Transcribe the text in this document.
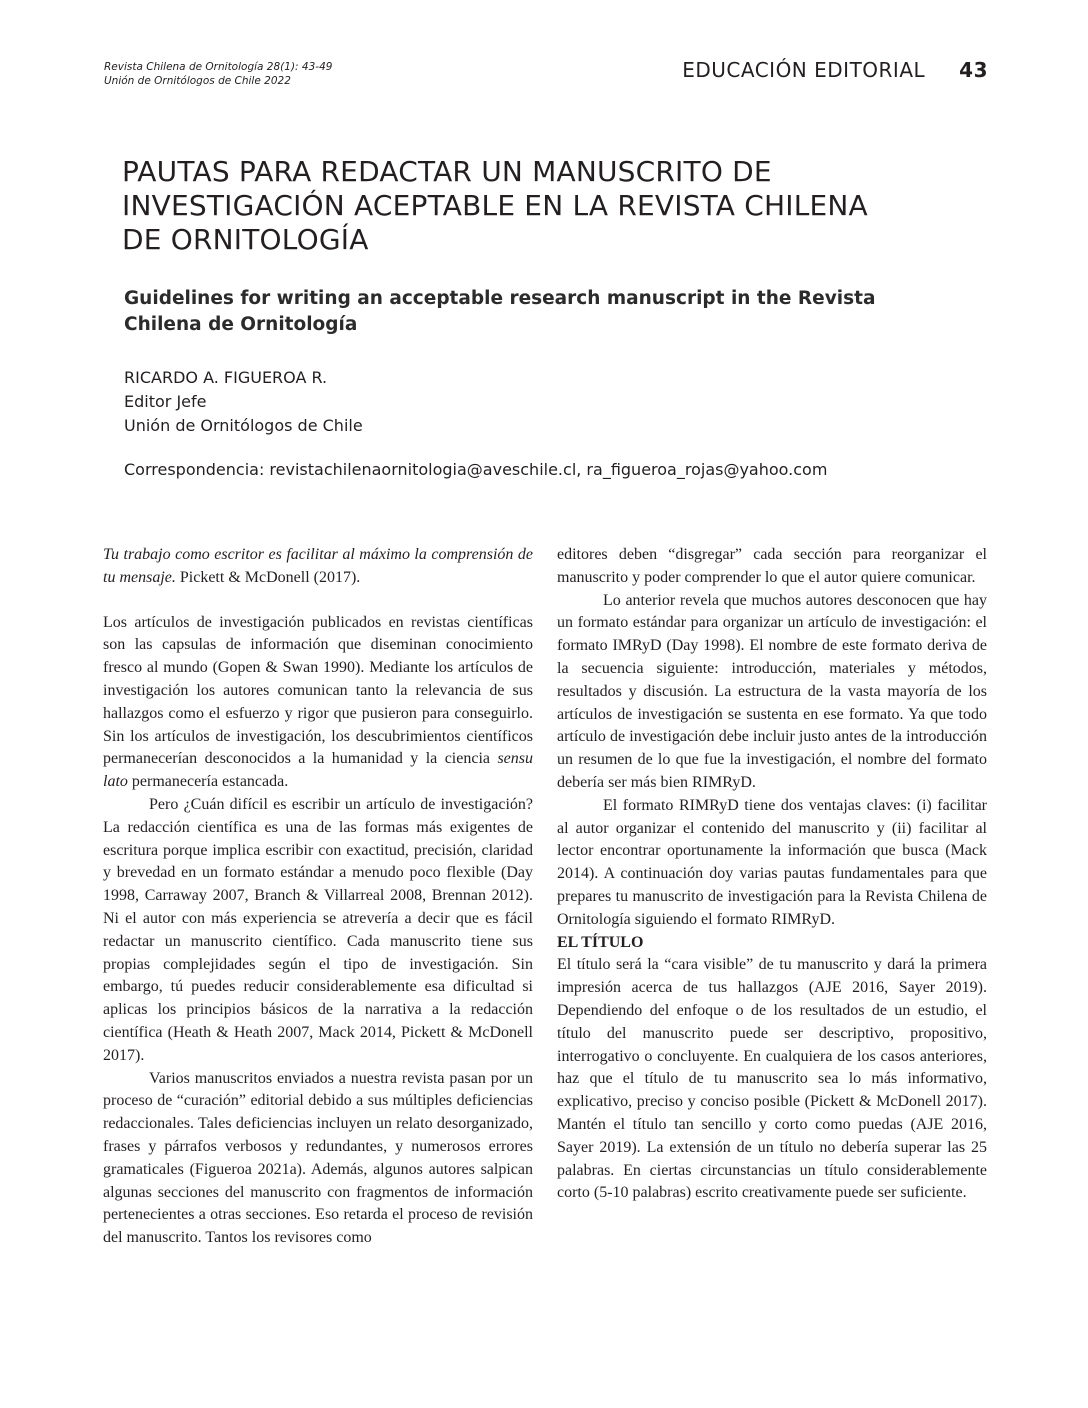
Revista Chilena de Ornitología 28(1): 43-49
Unión de Ornitólogos de Chile 2022	EDUCACIÓN EDITORIAL 43
PAUTAS PARA REDACTAR UN MANUSCRITO DE
INVESTIGACIÓN ACEPTABLE EN LA REVISTA CHILENA
DE ORNITOLOGÍA
Guidelines for writing an acceptable research manuscript in the Revista
Chilena de Ornitología
RICARDO A. FIGUEROA R.
Editor Jefe
Unión de Ornitólogos de Chile
Correspondencia: revistachilenaornitologia@aveschile.cl, ra_figueroa_rojas@yahoo.com

Tu trabajo como escritor es facilitar al máximo la comprensión de tu mensaje. Pickett & McDonell (2017).

Los artículos de investigación publicados en revistas científicas son las capsulas de información que diseminan conocimiento fresco al mundo (Gopen & Swan 1990). Mediante los artículos de investigación los autores comunican tanto la relevancia de sus hallazgos como el esfuerzo y rigor que pusieron para conseguirlo. Sin los artículos de investigación, los descubrimientos científicos permanecerían desconocidos a la humanidad y la ciencia sensu lato permanecería estancada.

Pero ¿Cuán difícil es escribir un artículo de investigación? La redacción científica es una de las formas más exigentes de escritura porque implica escribir con exactitud, precisión, claridad y brevedad en un formato estándar a menudo poco flexible (Day 1998, Carraway 2007, Branch & Villarreal 2008, Brennan 2012). Ni el autor con más experiencia se atrevería a decir que es fácil redactar un manuscrito científico. Cada manuscrito tiene sus propias complejidades según el tipo de investigación. Sin embargo, tú puedes reducir considerablemente esa dificultad si aplicas los principios básicos de la narrativa a la redacción científica (Heath & Heath 2007, Mack 2014, Pickett & McDonell 2017).

Varios manuscritos enviados a nuestra revista pasan por un proceso de “curación” editorial debido a sus múltiples deficiencias redaccionales. Tales deficiencias incluyen un relato desorganizado, frases y párrafos verbosos y redundantes, y numerosos errores gramaticales (Figueroa 2021a). Además, algunos autores salpican algunas secciones del manuscrito con fragmentos de información pertenecientes a otras secciones. Eso retarda el proceso de revisión del manuscrito. Tantos los revisores como

editores deben “disgregar” cada sección para reorganizar el manuscrito y poder comprender lo que el autor quiere comunicar.

Lo anterior revela que muchos autores desconocen que hay un formato estándar para organizar un artículo de investigación: el formato IMRyD (Day 1998). El nombre de este formato deriva de la secuencia siguiente: introducción, materiales y métodos, resultados y discusión. La estructura de la vasta mayoría de los artículos de investigación se sustenta en ese formato. Ya que todo artículo de investigación debe incluir justo antes de la introducción un resumen de lo que fue la investigación, el nombre del formato debería ser más bien RIMRyD.

El formato RIMRyD tiene dos ventajas claves: (i) facilitar al autor organizar el contenido del manuscrito y (ii) facilitar al lector encontrar oportunamente la información que busca (Mack 2014). A continuación doy varias pautas fundamentales para que prepares tu manuscrito de investigación para la Revista Chilena de Ornitología siguiendo el formato RIMRyD.

EL TÍTULO

El título será la “cara visible” de tu manuscrito y dará la primera impresión acerca de tus hallazgos (AJE 2016, Sayer 2019). Dependiendo del enfoque o de los resultados de un estudio, el título del manuscrito puede ser descriptivo, propositivo, interrogativo o concluyente. En cualquiera de los casos anteriores, haz que el título de tu manuscrito sea lo más informativo, explicativo, preciso y conciso posible (Pickett & McDonell 2017). Mantén el título tan sencillo y corto como puedas (AJE 2016, Sayer 2019). La extensión de un título no debería superar las 25 palabras. En ciertas circunstancias un título considerablemente corto (5-10 palabras) escrito creativamente puede ser suficiente.
